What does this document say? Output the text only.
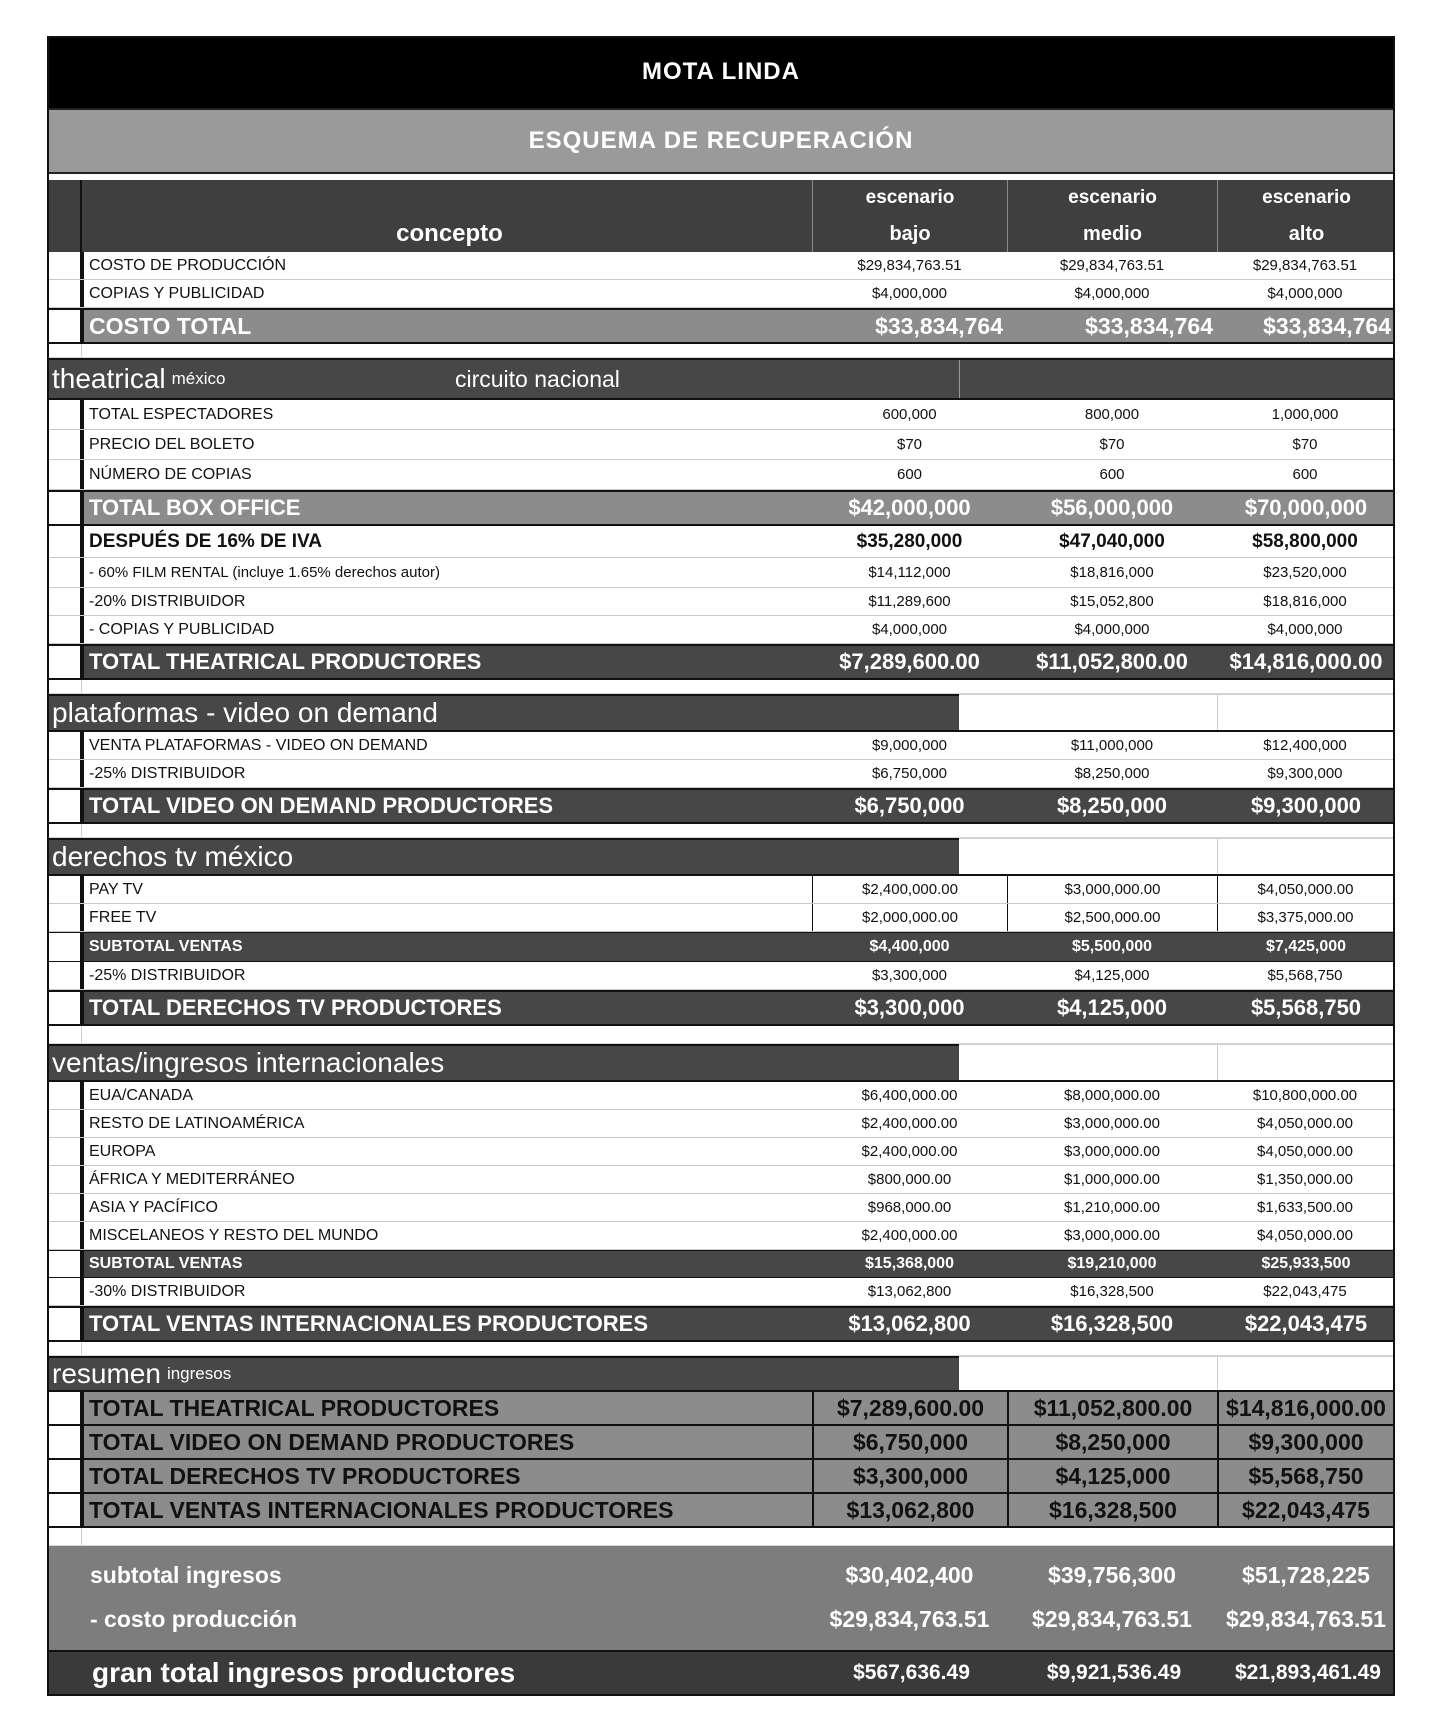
MOTA LINDA
ESQUEMA DE RECUPERACIÓN
escenario	escenario	escenario
concepto	bajo	medio	alto
COSTO DE PRODUCCIÓN	$29,834,763.51	$29,834,763.51	$29,834,763.51
COPIAS Y PUBLICIDAD	$4,000,000	$4,000,000	$4,000,000
COSTO TOTAL	$33,834,764	$33,834,764	$33,834,764
theatrical méxico	circuito nacional
TOTAL ESPECTADORES	600,000	800,000	1,000,000
PRECIO DEL BOLETO	$70	$70	$70
NÚMERO DE COPIAS	600	600	600
TOTAL BOX OFFICE	$42,000,000	$56,000,000	$70,000,000
DESPUÉS DE 16% DE IVA	$35,280,000	$47,040,000	$58,800,000
- 60% FILM RENTAL (incluye 1.65% derechos autor)	$14,112,000	$18,816,000	$23,520,000
-20% DISTRIBUIDOR	$11,289,600	$15,052,800	$18,816,000
- COPIAS Y PUBLICIDAD	$4,000,000	$4,000,000	$4,000,000
TOTAL THEATRICAL PRODUCTORES	$7,289,600.00	$11,052,800.00	$14,816,000.00
plataformas - video on demand
VENTA PLATAFORMAS - VIDEO ON DEMAND	$9,000,000	$11,000,000	$12,400,000
-25% DISTRIBUIDOR	$6,750,000	$8,250,000	$9,300,000
TOTAL VIDEO ON DEMAND PRODUCTORES	$6,750,000	$8,250,000	$9,300,000
derechos tv méxico
PAY TV	$2,400,000.00	$3,000,000.00	$4,050,000.00
FREE TV	$2,000,000.00	$2,500,000.00	$3,375,000.00
SUBTOTAL VENTAS	$4,400,000	$5,500,000	$7,425,000
-25% DISTRIBUIDOR	$3,300,000	$4,125,000	$5,568,750
TOTAL DERECHOS TV PRODUCTORES	$3,300,000	$4,125,000	$5,568,750
ventas/ingresos internacionales
EUA/CANADA	$6,400,000.00	$8,000,000.00	$10,800,000.00
RESTO DE LATINOAMÉRICA	$2,400,000.00	$3,000,000.00	$4,050,000.00
EUROPA	$2,400,000.00	$3,000,000.00	$4,050,000.00
ÁFRICA Y MEDITERRÁNEO	$800,000.00	$1,000,000.00	$1,350,000.00
ASIA Y PACÍFICO	$968,000.00	$1,210,000.00	$1,633,500.00
MISCELANEOS Y RESTO DEL MUNDO	$2,400,000.00	$3,000,000.00	$4,050,000.00
SUBTOTAL VENTAS	$15,368,000	$19,210,000	$25,933,500
-30% DISTRIBUIDOR	$13,062,800	$16,328,500	$22,043,475
TOTAL VENTAS INTERNACIONALES PRODUCTORES	$13,062,800	$16,328,500	$22,043,475
resumen ingresos
TOTAL THEATRICAL PRODUCTORES	$7,289,600.00	$11,052,800.00	$14,816,000.00
TOTAL VIDEO ON DEMAND PRODUCTORES	$6,750,000	$8,250,000	$9,300,000
TOTAL DERECHOS TV PRODUCTORES	$3,300,000	$4,125,000	$5,568,750
TOTAL VENTAS INTERNACIONALES PRODUCTORES	$13,062,800	$16,328,500	$22,043,475
subtotal ingresos	$30,402,400	$39,756,300	$51,728,225
- costo producción	$29,834,763.51	$29,834,763.51	$29,834,763.51
gran total ingresos productores	$567,636.49	$9,921,536.49	$21,893,461.49
